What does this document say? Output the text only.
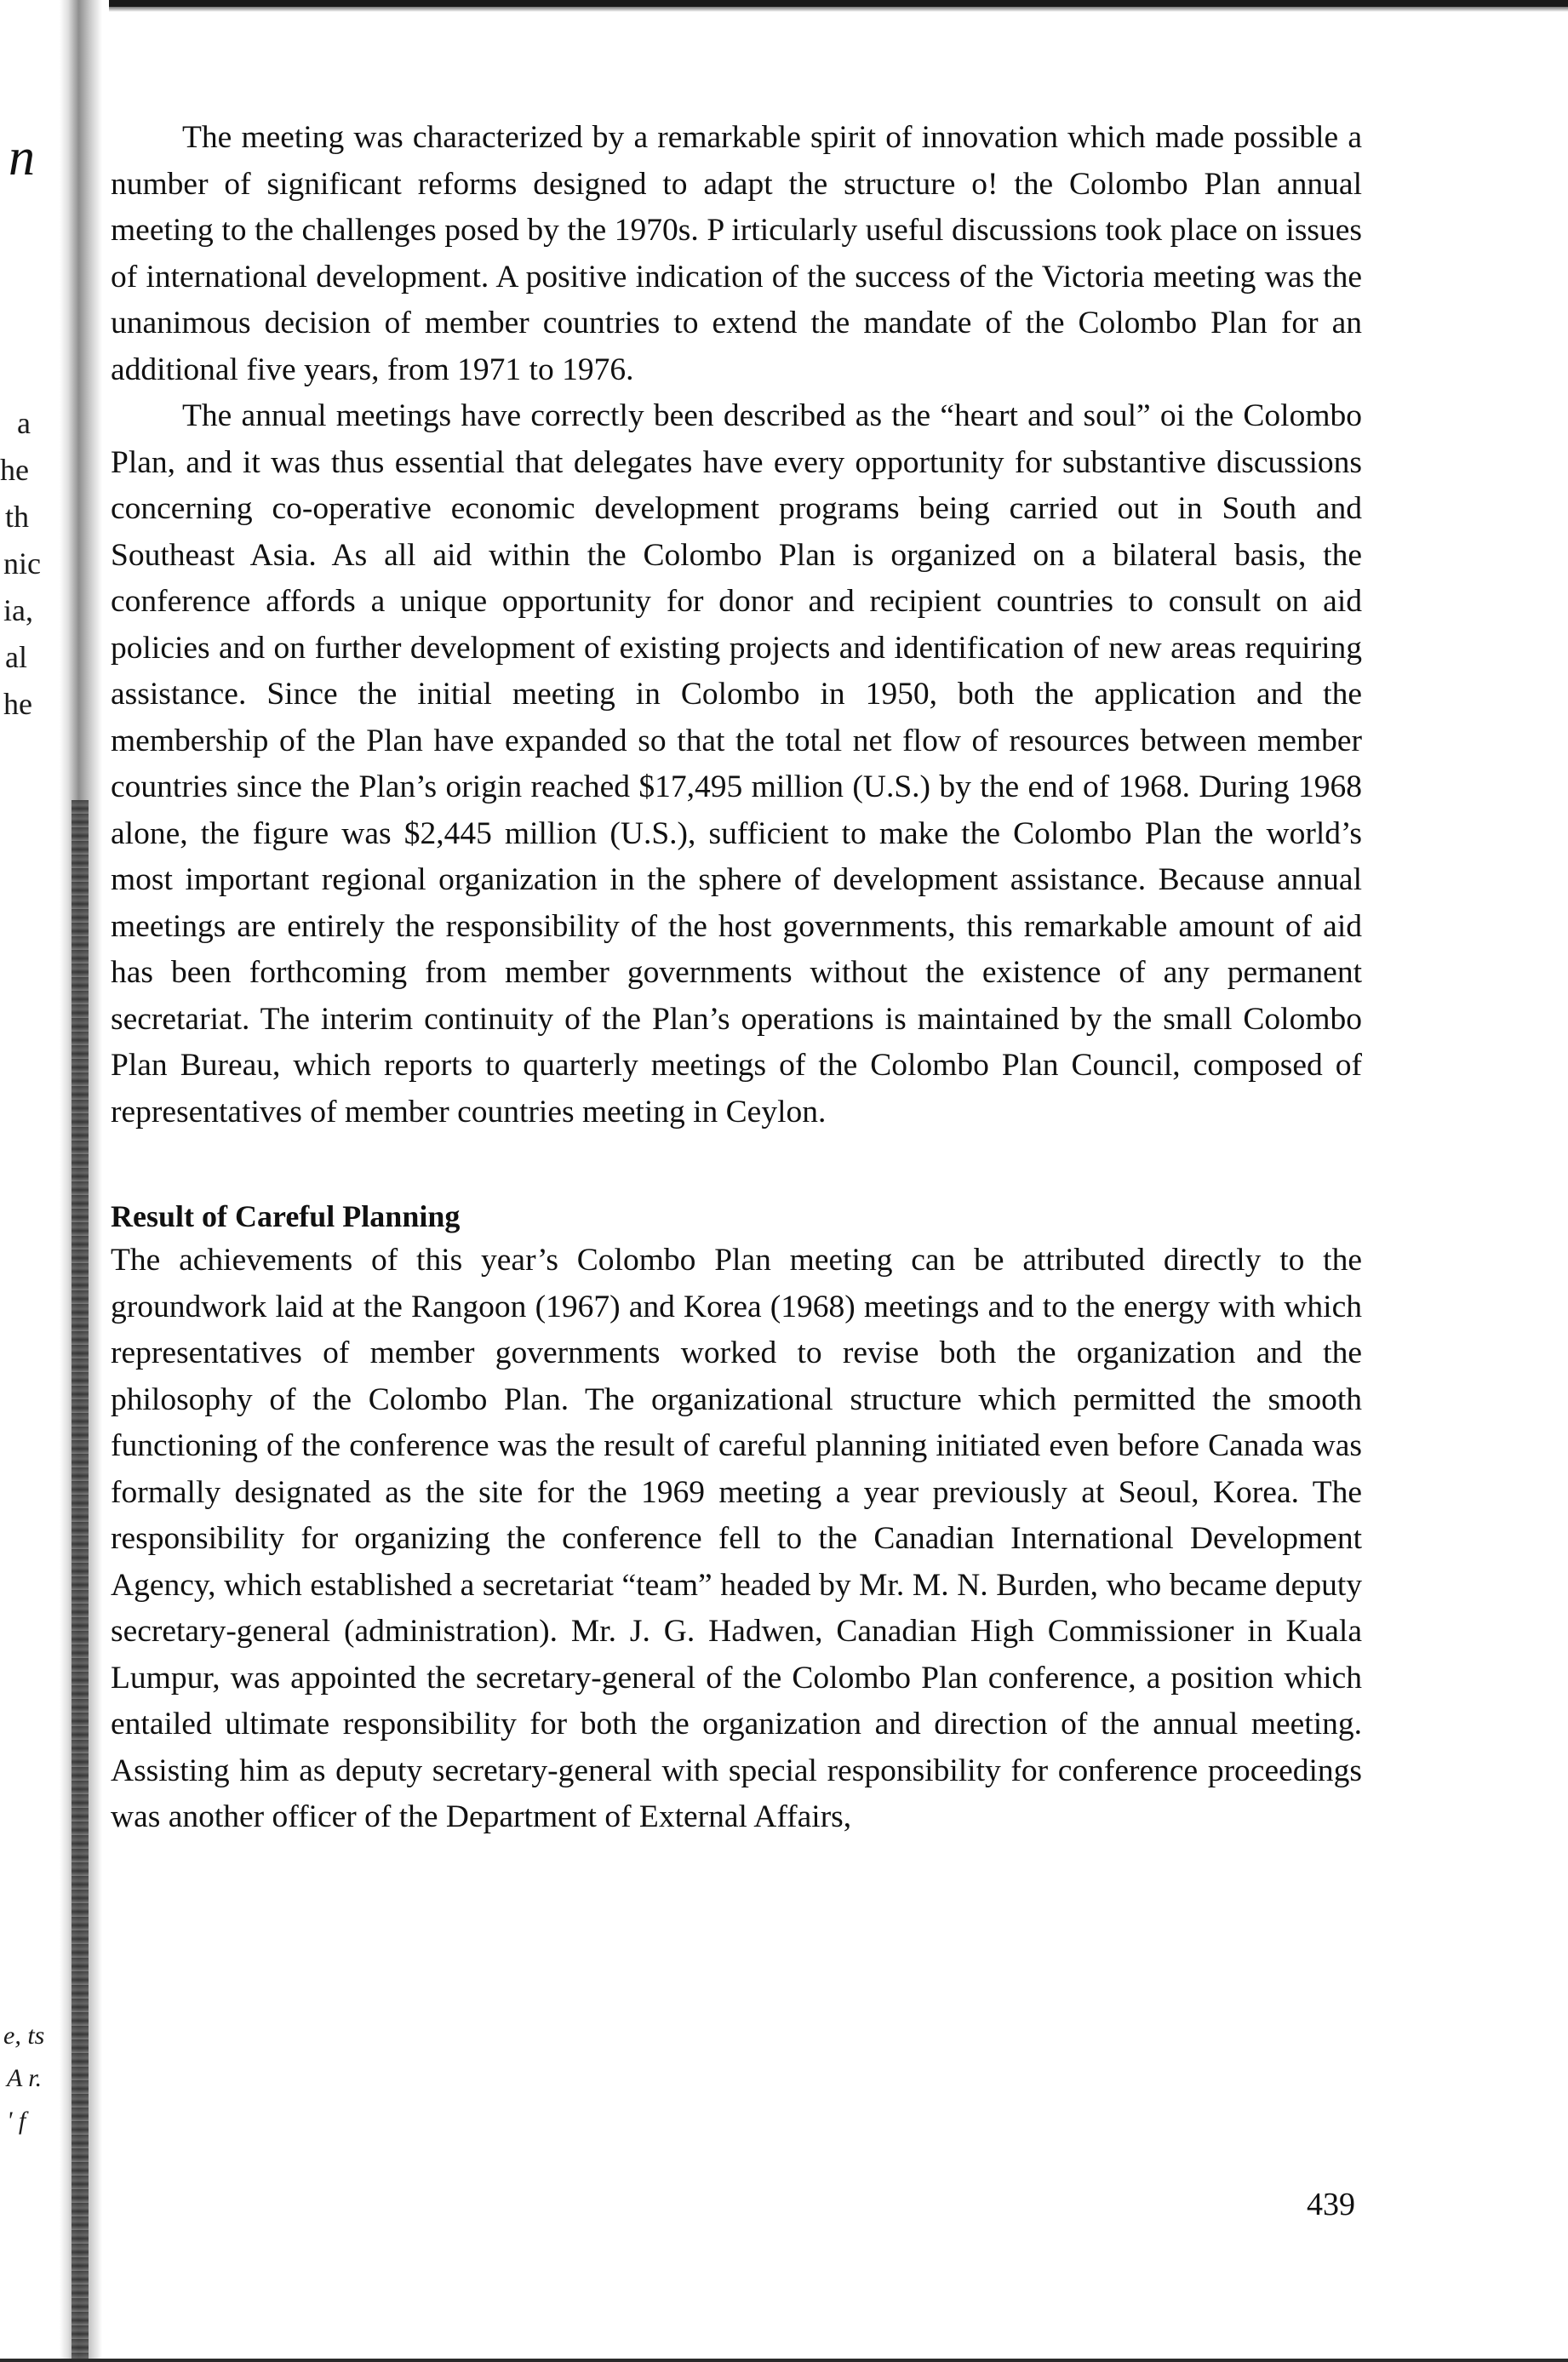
n
a
he
th
nic
ia,
al
he
e, ts
A r.
' f

The meeting was characterized by a remarkable spirit of innovation which made possible a number of significant reforms designed to adapt the structure o! the Colombo Plan annual meeting to the challenges posed by the 1970s. P irticularly useful discussions took place on issues of international development. A positive indication of the success of the Victoria meeting was the unanimous decision of member countries to extend the mandate of the Colombo Plan for an additional five years, from 1971 to 1976.

The annual meetings have correctly been described as the “heart and soul” oi the Colombo Plan, and it was thus essential that delegates have every opportunity for substantive discussions concerning co-operative economic development programs being carried out in South and Southeast Asia. As all aid within the Colombo Plan is organized on a bilateral basis, the conference affords a unique opportunity for donor and recipient countries to consult on aid policies and on further development of existing projects and identification of new areas requiring assistance. Since the initial meeting in Colombo in 1950, both the application and the membership of the Plan have expanded so that the total net flow of resources between member countries since the Plan’s origin reached $17,495 million (U.S.) by the end of 1968. During 1968 alone, the figure was $2,445 million (U.S.), sufficient to make the Colombo Plan the world’s most important regional organization in the sphere of development assistance. Because annual meetings are entirely the responsibility of the host governments, this remarkable amount of aid has been forthcoming from member governments without the existence of any permanent secretariat. The interim continuity of the Plan’s operations is maintained by the small Colombo Plan Bureau, which reports to quarterly meetings of the Colombo Plan Council, composed of representatives of member countries meeting in Ceylon.

Result of Careful Planning

The achievements of this year’s Colombo Plan meeting can be attributed directly to the groundwork laid at the Rangoon (1967) and Korea (1968) meetings and to the energy with which representatives of member governments worked to revise both the organization and the philosophy of the Colombo Plan. The organizational structure which permitted the smooth functioning of the conference was the result of careful planning initiated even before Canada was formally designated as the site for the 1969 meeting a year previously at Seoul, Korea. The responsibility for organizing the conference fell to the Canadian International Development Agency, which established a secretariat “team” headed by Mr. M. N. Burden, who became deputy secretary-general (administration). Mr. J. G. Hadwen, Canadian High Commissioner in Kuala Lumpur, was appointed the secretary-general of the Colombo Plan conference, a position which entailed ultimate responsibility for both the organization and direction of the annual meeting. Assisting him as deputy secretary-general with special responsibility for conference proceedings was another officer of the Department of External Affairs,

439
